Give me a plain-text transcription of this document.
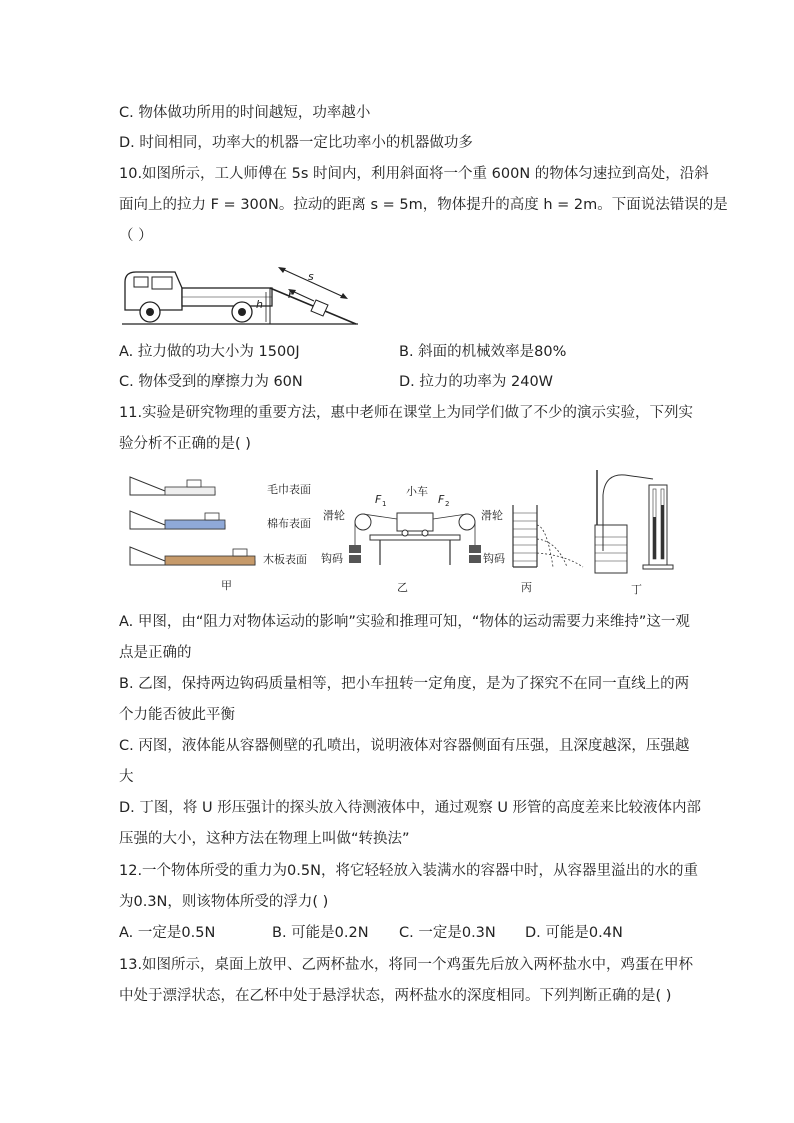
C. 物体做功所用的时间越短，功率越小
D. 时间相同，功率大的机器一定比功率小的机器做功多
10.如图所示，工人师傅在 5s 时间内，利用斜面将一个重 600N 的物体匀速拉到高处，沿斜
面向上的拉力 F = 300N。拉动的距离 s = 5m，物体提升的高度 h = 2m。下面说法错误的是
（ ）
F
s
h
A. 拉力做的功大小为 1500J	B. 斜面的机械效率是80%
C. 物体受到的摩擦力为 60N	D. 拉力的功率为 240W
11.实验是研究物理的重要方法，惠中老师在课堂上为同学们做了不少的演示实验，下列实
验分析不正确的是( )
毛巾表面
棉布表面
木板表面
甲
小车
F 1	F 2
滑轮	滑轮
钩码	钩码
乙	丙	丁
A. 甲图，由“阻力对物体运动的影响”实验和推理可知，“物体的运动需要力来维持”这一观
点是正确的
B. 乙图，保持两边钩码质量相等，把小车扭转一定角度，是为了探究不在同一直线上的两
个力能否彼此平衡
C. 丙图，液体能从容器侧壁的孔喷出，说明液体对容器侧面有压强，且深度越深，压强越
大
D. 丁图，将 U 形压强计的探头放入待测液体中，通过观察 U 形管的高度差来比较液体内部
压强的大小，这种方法在物理上叫做“转换法”
12.一个物体所受的重力为0.5N，将它轻轻放入装满水的容器中时，从容器里溢出的水的重
为0.3N，则该物体所受的浮力( )
A. 一定是0.5N	B. 可能是0.2N C. 一定是0.3N D. 可能是0.4N
13.如图所示，桌面上放甲、乙两杯盐水，将同一个鸡蛋先后放入两杯盐水中，鸡蛋在甲杯
中处于漂浮状态，在乙杯中处于悬浮状态，两杯盐水的深度相同。下列判断正确的是( )
